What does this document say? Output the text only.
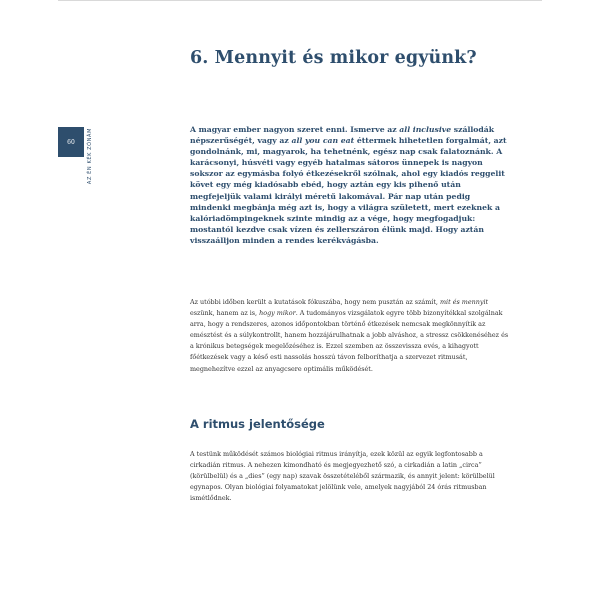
60 AZ ÉN KÉK ZÓNÁM
6. Mennyit és mikor együnk?

A magyar ember nagyon szeret enni. Ismerve az all inclusive szállodák népszerűségét, vagy az all you can eat éttermek hihetetlen forgalmát, azt gondolnánk, mi, magyarok, ha tehetnénk, egész nap csak falatoznánk. A karácsonyi, húsvéti vagy egyéb hatalmas sátoros ünnepek is nagyon sokszor az egymásba folyó étkezésekről szólnak, ahol egy kiadós reggelit követ egy még kiadósabb ebéd, hogy aztán egy kis pihenő után megfejeljük valami királyi méretű lakomával. Pár nap után pedig mindenki megbánja még azt is, hogy a világra született, mert ezeknek a kalóriadömpingeknek szinte mindig az a vége, hogy megfogadjuk: mostantól kezdve csak vízen és zellerszáron élünk majd. Hogy aztán visszaálljon minden a rendes kerékvágásba.

Az utóbbi időben került a kutatások fókuszába, hogy nem pusztán az számít, mit és mennyit eszünk, hanem az is, hogy mikor. A tudományos vizsgálatok egyre több bizonyítékkal szolgálnak arra, hogy a rendszeres, azonos időpontokban történő étkezések nemcsak megkönnyítik az emésztést és a súlykontrollt, hanem hozzájárulhatnak a jobb alváshoz, a stressz csökkenéséhez és a krónikus betegségek megelőzéséhez is. Ezzel szemben az összevissza evés, a kihagyott főétkezések vagy a késő esti nassolás hosszú távon felboríthatja a szervezet ritmusát, megnehezítve ezzel az anyagcsere optimális működését.

A ritmus jelentősége

A testünk működését számos biológiai ritmus irányítja, ezek közül az egyik legfontosabb a cirkadián ritmus. A nehezen kimondható és megjegyezhető szó, a cirkadián a latin „circa” (körülbelül) és a „dies” (egy nap) szavak összetételéből származik, és annyit jelent: körülbelül egynapos. Olyan biológiai folyamatokat jelölünk vele, amelyek nagyjából 24 órás ritmusban ismétlődnek.
